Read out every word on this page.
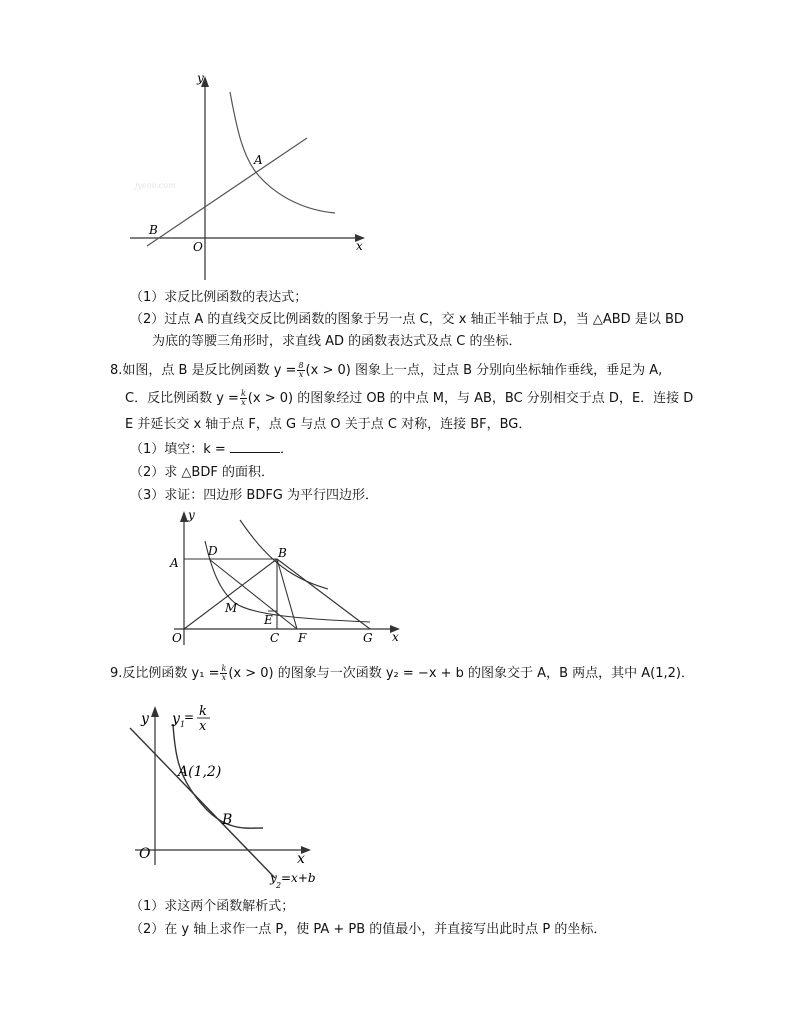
y
x
A
B
O
jyeoo.com
（1）求反比例函数的表达式；
（2）过点 A 的直线交反比例函数的图象于另一点 C，交 x 轴正半轴于点 D，当 △ABD 是以 BD
为底的等腰三角形时，求直线 AD 的函数表达式及点 C 的坐标．
8.如图，点 B 是反比例函数 $y = \frac{8}{x} (x > 0)$ 图象上一点，过点 B 分别向坐标轴作垂线，垂足为 A,
C．反比例函数 $y = \frac{k}{x} (x > 0)$ 的图象经过 OB 的中点 M，与 AB，BC 分别相交于点 D，E．连接 D
E 并延长交 x 轴于点 F，点 G 与点 O 关于点 C 对称，连接 BF，BG．
（1）填空：k =	．
（2）求 △BDF 的面积．
（3）求证：四边形 BDFG 为平行四边形．
y
x
A
B
C
D
E
F	G
M
O
9.反比例函数 $y_1 = \frac{k}{x} (x > 0)$ 的图象与一次函数 y₂ = −x + b 的图象交于 A，B 两点，其中 A(1,2)．
y
x
O
A(1,2)
B
y 1
= k
x
y
2
=x+b
（1）求这两个函数解析式；
（2）在 y 轴上求作一点 P，使 PA + PB 的值最小，并直接写出此时点 P 的坐标．
